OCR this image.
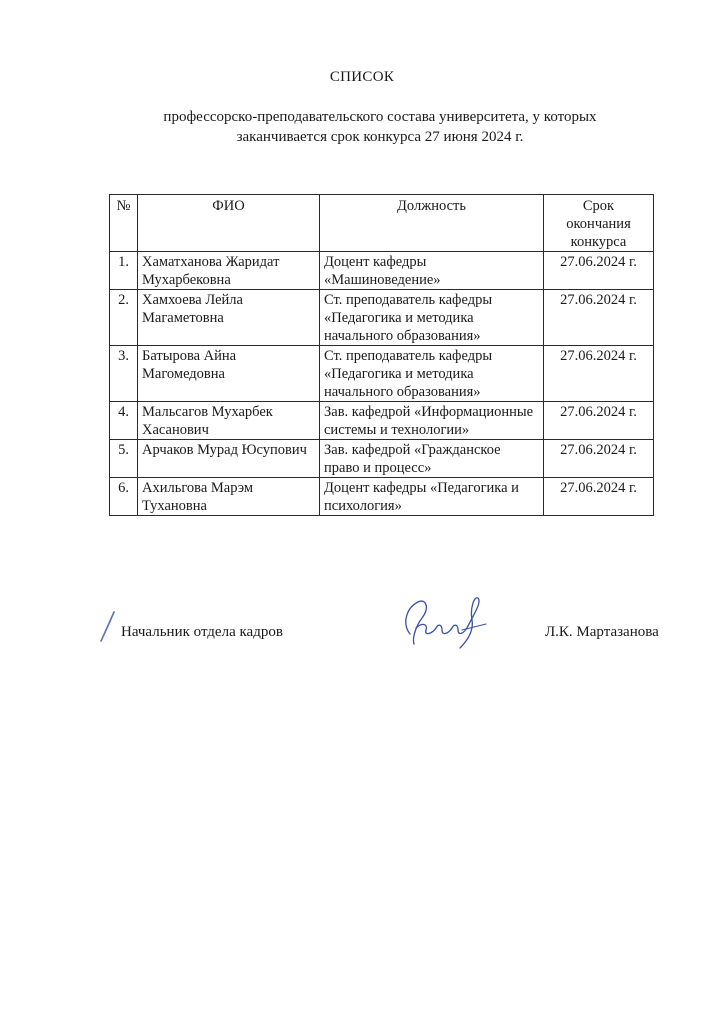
СПИСОК
профессорско-преподавательского состава университета, у которых
заканчивается срок конкурса 27 июня 2024 г.
№	ФИО	Должность	Срок
окончания
конкурса

1.	Хаматханова Жаридат Мухарбековна	Доцент кафедры «Машиноведение»	27.06.2024 г.
2.	Хамхоева Лейла Магаметовна	Ст. преподаватель кафедры «Педагогика и методика начального образования»	27.06.2024 г.
3.	Батырова Айна Магомедовна	Ст. преподаватель кафедры «Педагогика и методика начального образования»	27.06.2024 г.
4.	Мальсагов Мухарбек Хасанович	Зав. кафедрой «Информационные системы и технологии»	27.06.2024 г.
5.	Арчаков Мурад Юсупович	Зав. кафедрой «Гражданское право и процесс»	27.06.2024 г.
6.	Ахильгова Марэм Тухановна	Доцент кафедры «Педагогика и психология»	27.06.2024 г.
Начальник отдела кадров	Л.К. Мартазанова
